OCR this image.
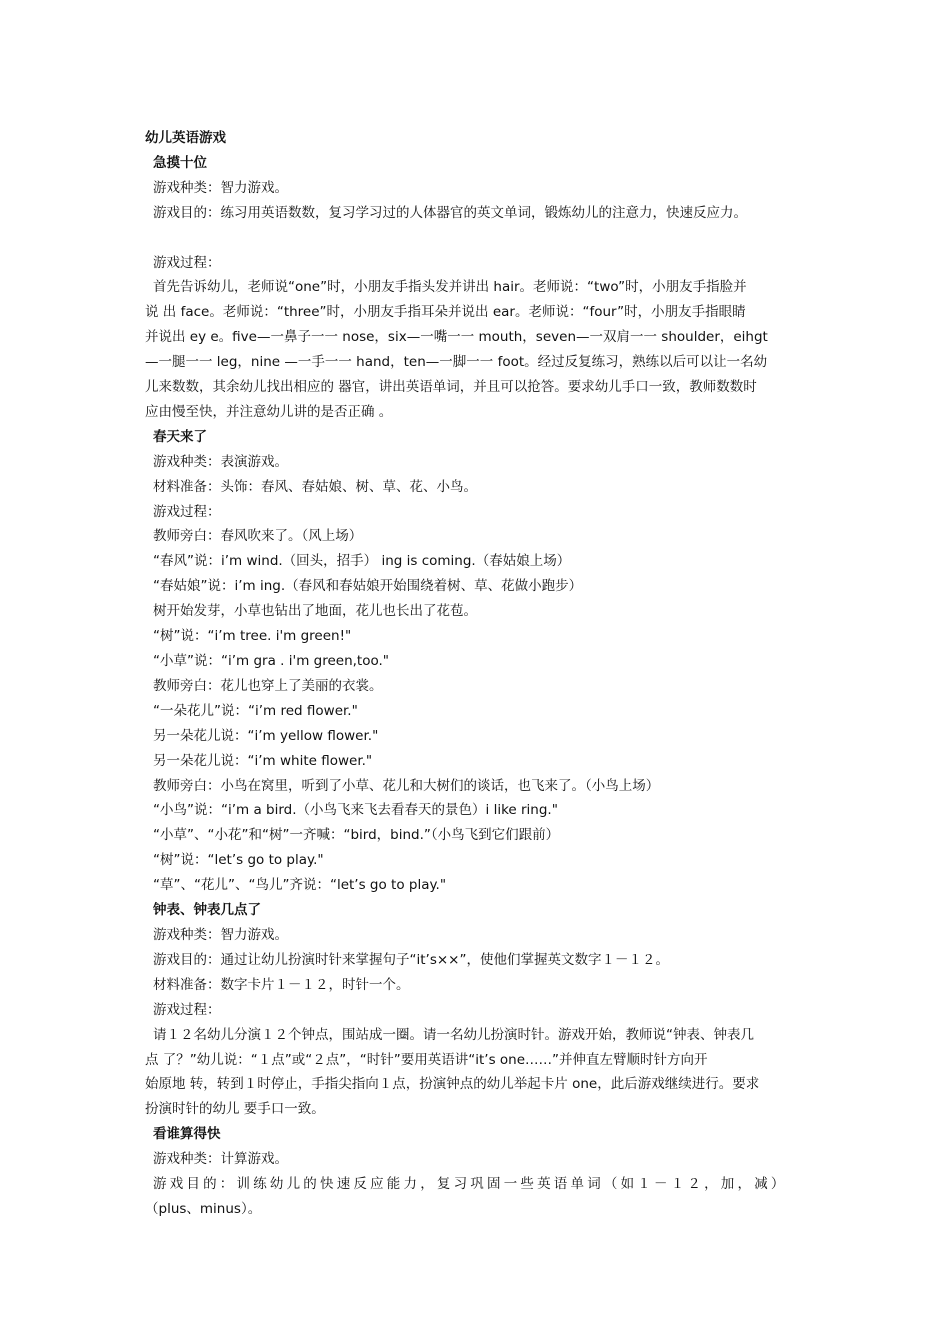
幼儿英语游戏
急摸十位
游戏种类：智力游戏。
游戏目的：练习用英语数数，复习学习过的人体器官的英文单词，锻炼幼儿的注意力，快速反应力。
游戏过程：
首先告诉幼儿，老师说“one”时，小朋友手指头发并讲出 hair。老师说：“two”时，小朋友手指脸并
说 出 face。老师说：“three”时，小朋友手指耳朵并说出 ear。老师说：“four”时，小朋友手指眼睛
并说出 ey e。five—一鼻子一一 nose，six—一嘴一一 mouth，seven—一双肩一一 shoulder，eihgt
—一腿一一 leg，nine —一手一一 hand，ten—一脚一一 foot。经过反复练习，熟练以后可以让一名幼
儿来数数，其余幼儿找出相应的 器官，讲出英语单词，并且可以抢答。要求幼儿手口一致，教师数数时
应由慢至快，并注意幼儿讲的是否正确 。
春天来了
游戏种类：表演游戏。
材料准备：头饰：春风、春姑娘、树、草、花、小鸟。
游戏过程：
教师旁白：春风吹来了。（风上场）
“春风”说：i’m wind.（回头，招手） ing is coming.（春姑娘上场）
“春姑娘”说：i’m ing.（春风和春姑娘开始围绕着树、草、花做小跑步）
树开始发芽，小草也钻出了地面，花儿也长出了花苞。
“树”说：“i’m tree. i'm green!"
“小草”说：“i’m gra . i'm green,too."
教师旁白：花儿也穿上了美丽的衣裳。
“一朵花儿”说：“i’m red flower."
另一朵花儿说：“i’m yellow flower."
另一朵花儿说：“i’m white flower."
教师旁白：小鸟在窝里，听到了小草、花儿和大树们的谈话，也飞来了。（小鸟上场）
“小鸟”说：“i’m a bird.（小鸟飞来飞去看春天的景色）i like ring."
“小草”、“小花”和“树”一齐喊：“bird，bind.”（小鸟飞到它们跟前）
“树”说：“let’s go to play."
“草”、“花儿”、“鸟儿”齐说：“let’s go to play."
钟表、钟表几点了
游戏种类：智力游戏。
游戏目的：通过让幼儿扮演时针来掌握句子“it’s××”，使他们掌握英文数字１－１２。
材料准备：数字卡片１－１２，时针一个。
游戏过程：
请１２名幼儿分演１２个钟点，围站成一圈。请一名幼儿扮演时针。游戏开始，教师说“钟表、钟表几
点 了？”幼儿说：“１点”或“２点”，“时针”要用英语讲“it’s one……”并伸直左臂顺时针方向开
始原地 转，转到１时停止，手指尖指向１点，扮演钟点的幼儿举起卡片 one，此后游戏继续进行。要求
扮演时针的幼儿 要手口一致。
看谁算得快
游戏种类：计算游戏。
游戏目的：训练幼儿的快速反应能力，复习巩固一些英语单词（如１－１２，加，减）
（plus、minus）。
